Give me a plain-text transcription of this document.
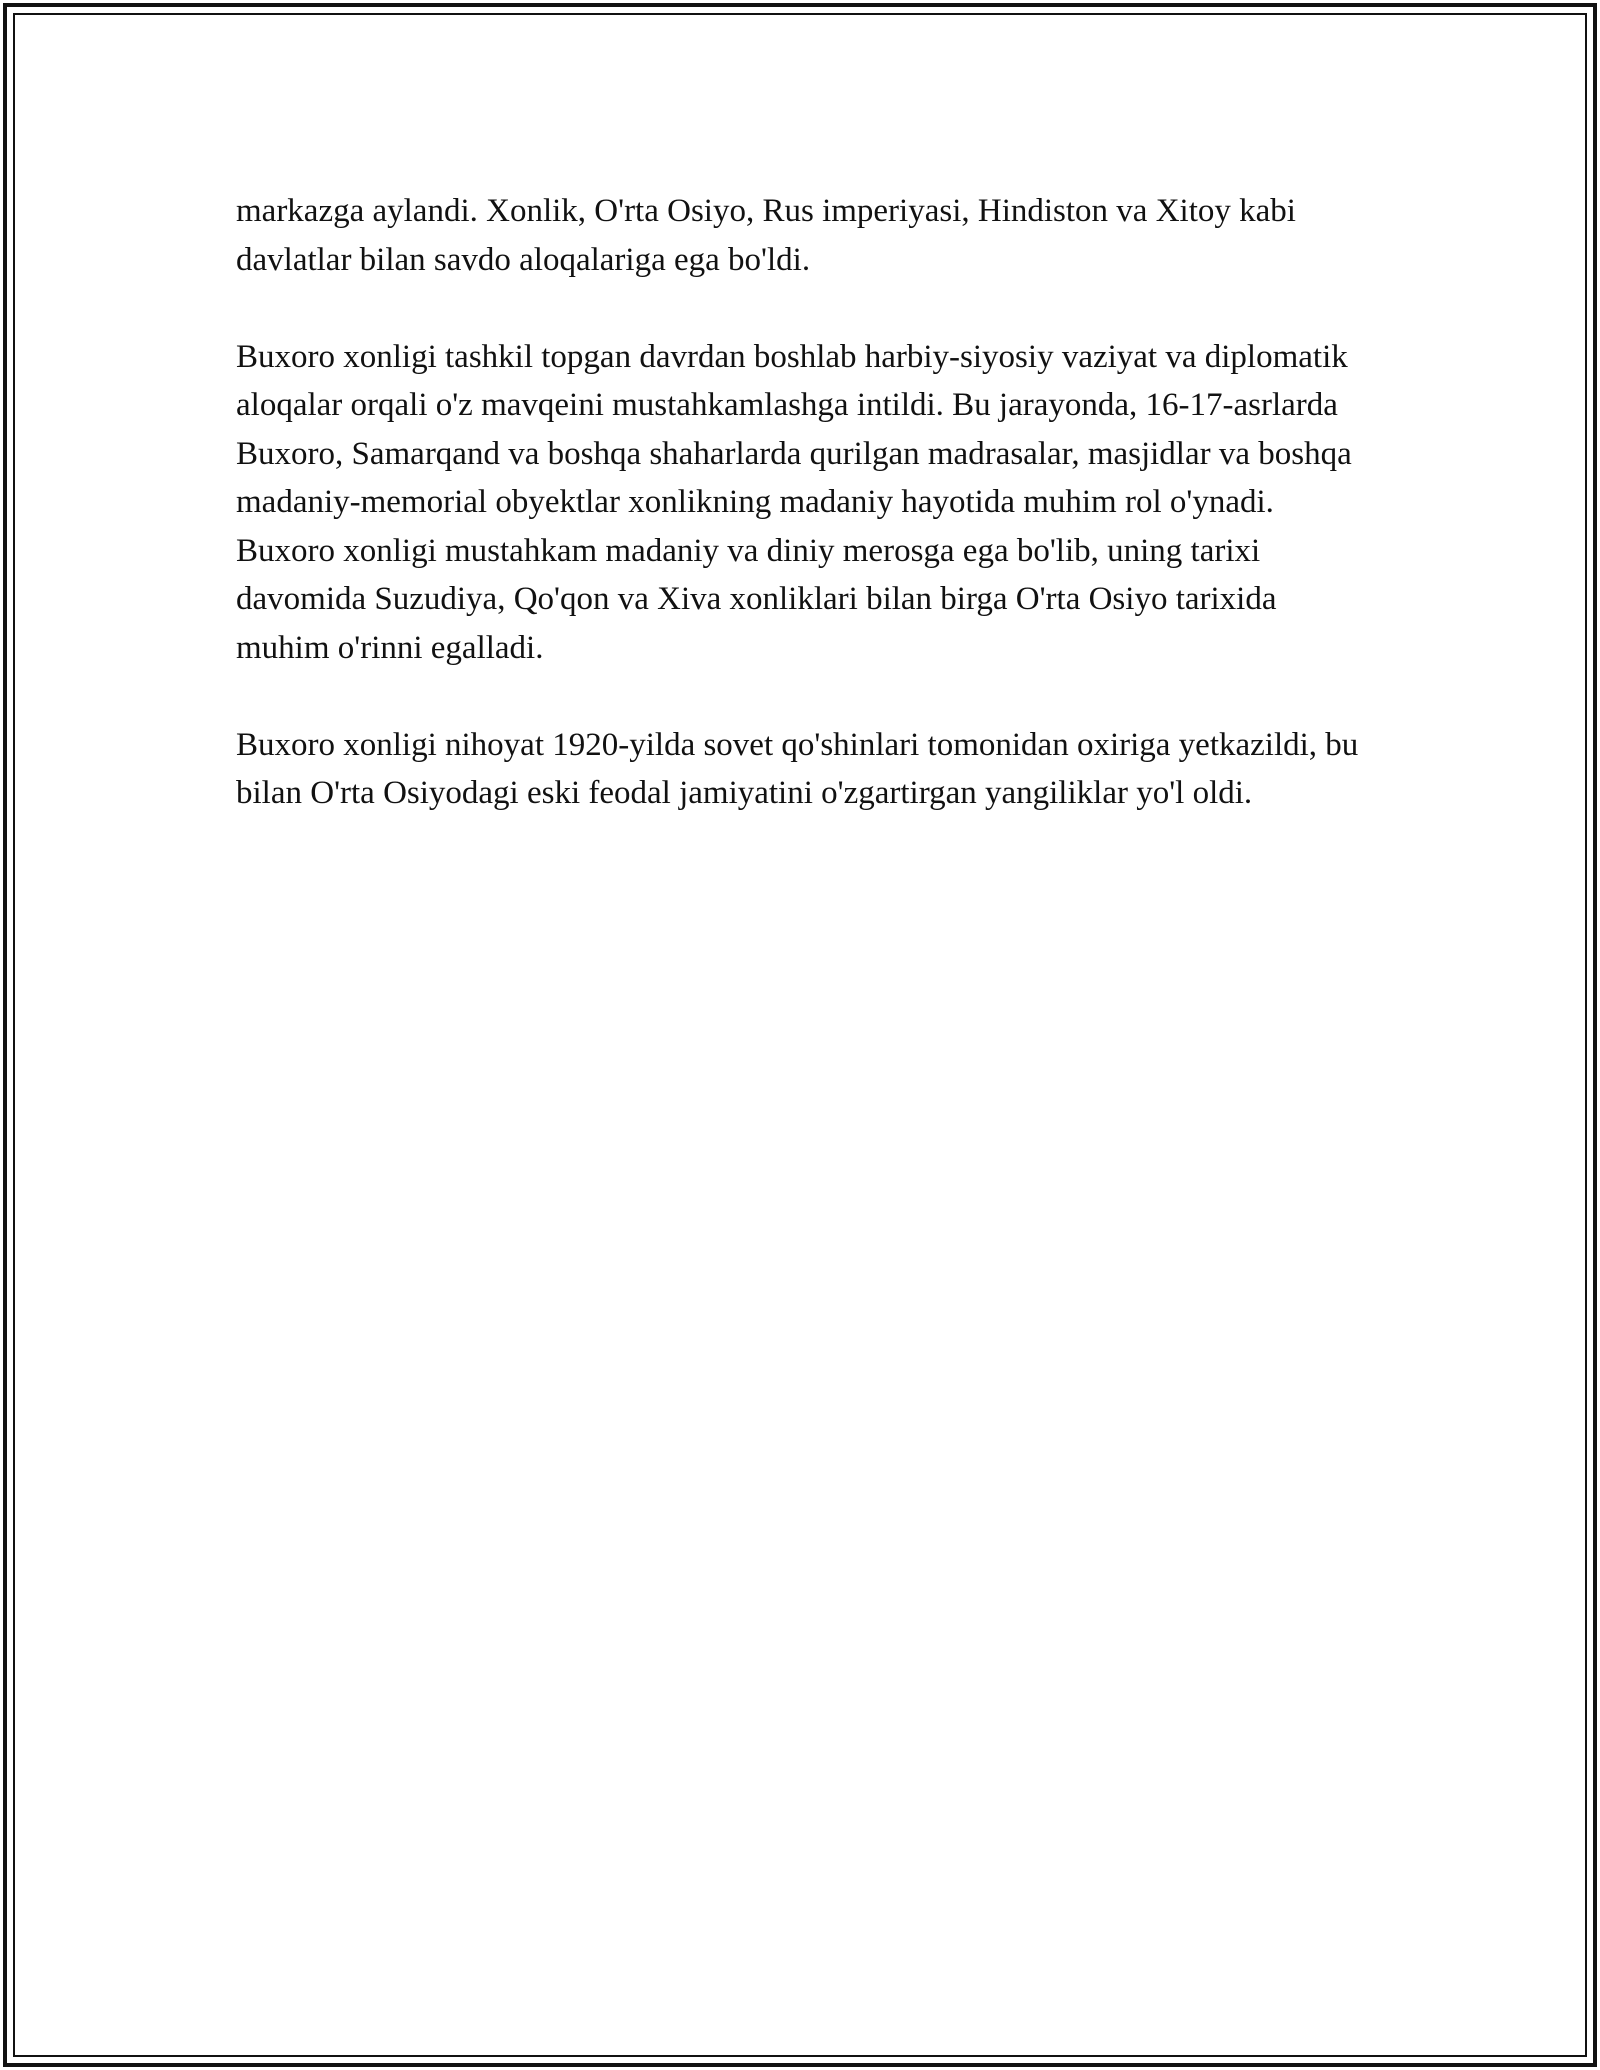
markazga aylandi. Xonlik, O'rta Osiyo, Rus imperiyasi, Hindiston va Xitoy kabi davlatlar bilan savdo aloqalariga ega bo'ldi.

Buxoro xonligi tashkil topgan davrdan boshlab harbiy-siyosiy vaziyat va diplomatik aloqalar orqali o'z mavqeini mustahkamlashga intildi. Bu jarayonda, 16-17-asrlarda Buxoro, Samarqand va boshqa shaharlarda qurilgan madrasalar, masjidlar va boshqa madaniy-memorial obyektlar xonlikning madaniy hayotida muhim rol o'ynadi. Buxoro xonligi mustahkam madaniy va diniy merosga ega bo'lib, uning tarixi davomida Suzudiya, Qo'qon va Xiva xonliklari bilan birga O'rta Osiyo tarixida muhim o'rinni egalladi.

Buxoro xonligi nihoyat 1920-yilda sovet qo'shinlari tomonidan oxiriga yetkazildi, bu bilan O'rta Osiyodagi eski feodal jamiyatini o'zgartirgan yangiliklar yo'l oldi.
